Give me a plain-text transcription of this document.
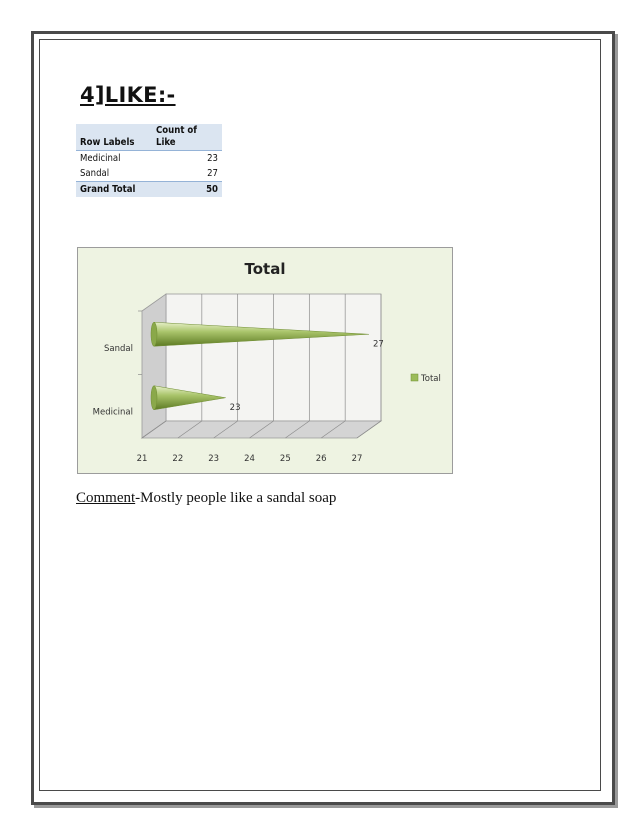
4]LIKE:-
Row Labels	Count of
Like
Medicinal	23
Sandal	27
Grand Total	50
Total
21	22	23	24	25	26	27
Medicinal	23
Sandal	27
Total
Comment-Mostly people like a sandal soap
